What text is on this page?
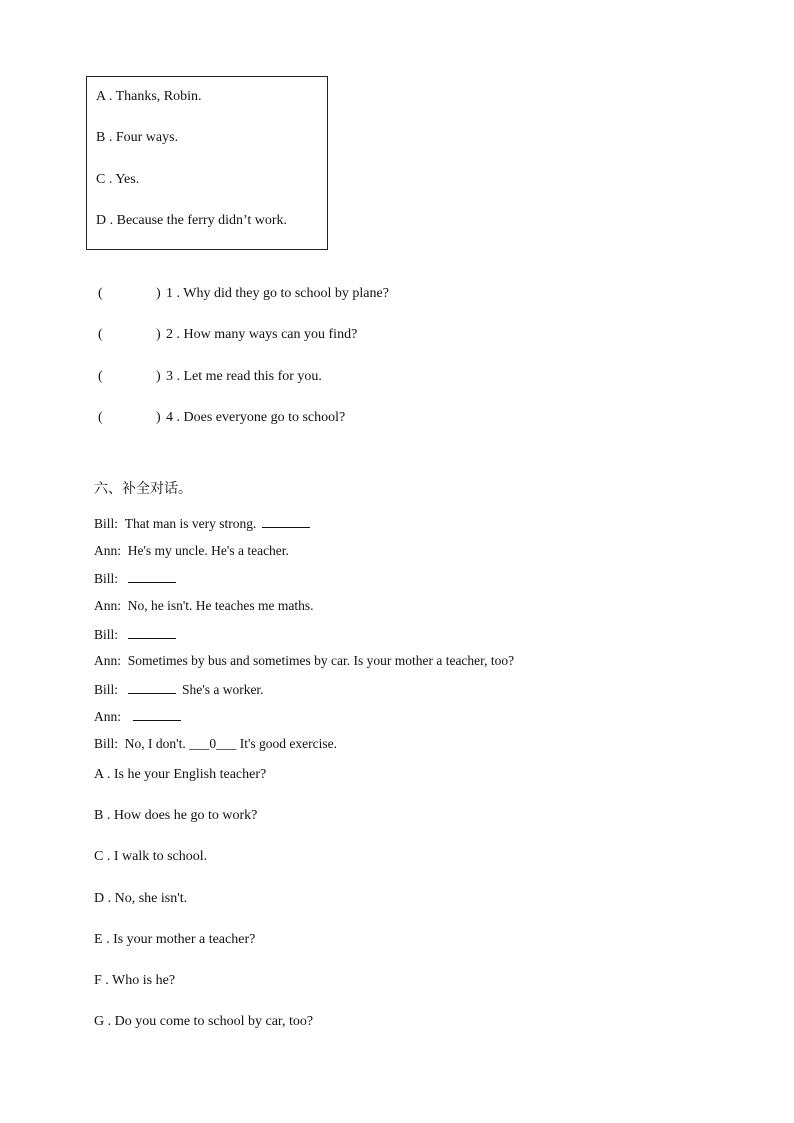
A . Thanks, Robin.
B . Four ways.
C . Yes.
D . Because the ferry didn’t work.
(	) 1 . Why did they go to school by plane?
(	) 2 . How many ways can you find?
(	) 3 . Let me read this for you.
(	) 4 . Does everyone go to school?
六、补全对话。
Bill: That man is very strong.
Ann: He's my uncle. He's a teacher.
Bill:
Ann: No, he isn't. He teaches me maths.
Bill:
Ann: Sometimes by bus and sometimes by car. Is your mother a teacher, too?
Bill:	She's a worker.
Ann:
Bill: No, I don't. ___0___ It's good exercise.
A . Is he your English teacher?
B . How does he go to work?
C . I walk to school.
D . No, she isn't.
E . Is your mother a teacher?
F . Who is he?
G . Do you come to school by car, too?
